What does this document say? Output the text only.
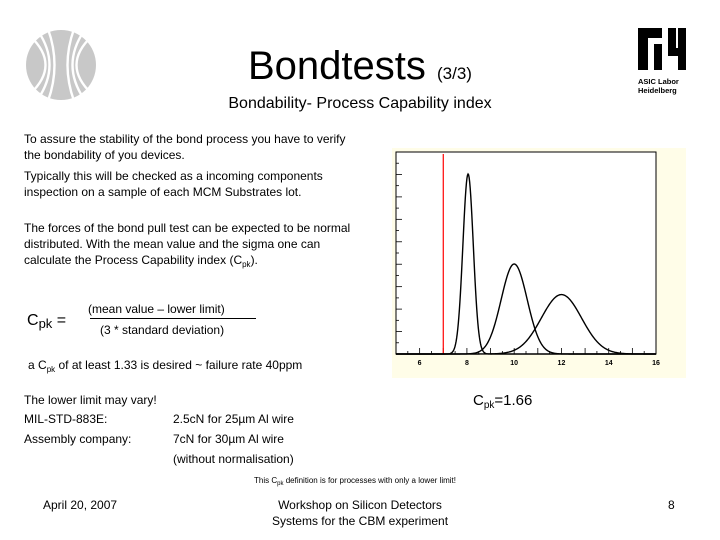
Bondtests (3/3)
Bondability- Process Capability index
ASIC Labor
Heidelberg
To assure the stability of the bond process you have to verify the bondability of you devices.
Typically this will be checked as a incoming components inspection on a sample of each MCM Substrates lot.
The forces of the bond pull test can be expected to be normal distributed. With the mean value and the sigma one can calculate the Process Capability index $(C_{pk})$.
Cpk =
(mean value – lower limit)
(3 * standard deviation)
a $C_{pk}$ of at least 1.33 is desired ~ failure rate 40ppm
The lower limit may vary!
MIL-STD-883E:	2.5cN for 25µm Al wire
Assembly company:	7cN for 30µm Al wire
(without normalisation)
6	8	10	12	14	16
$C_{pk}=1.66$
This $C_{pk}$ definition is for processes with only a lower limit!
April 20, 2007	Workshop on Silicon Detectors
Systems for the CBM experiment
8
